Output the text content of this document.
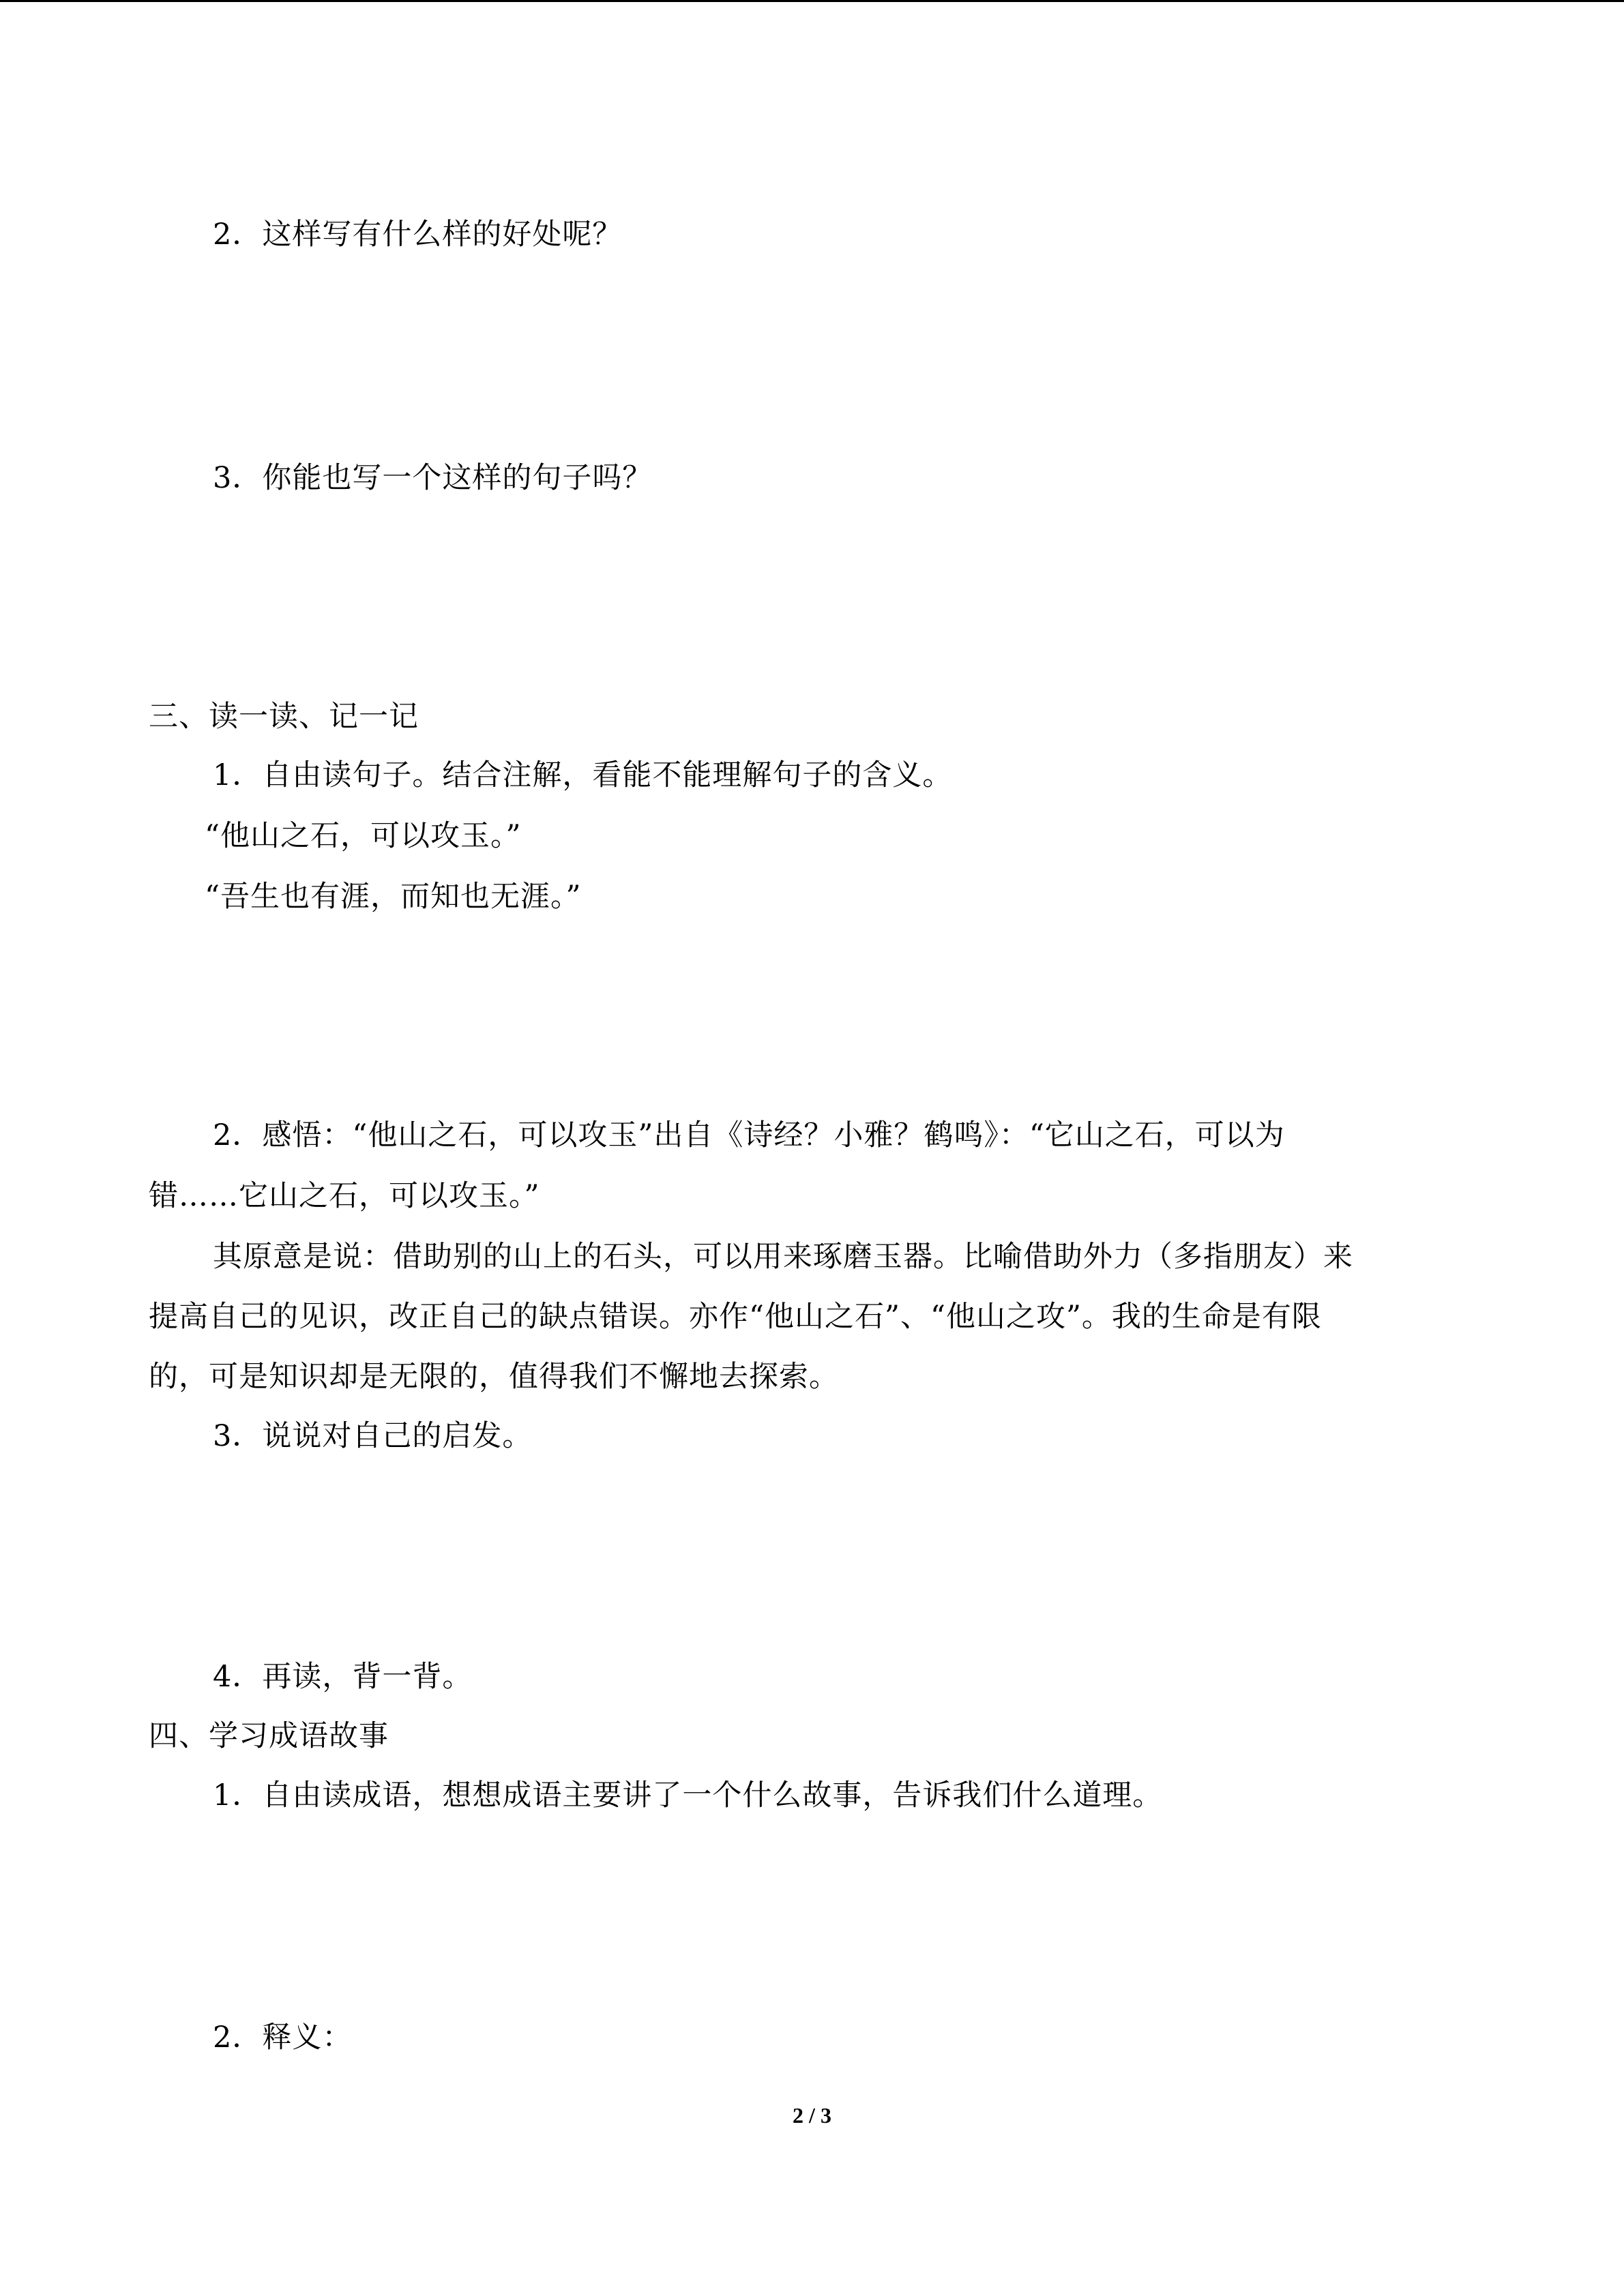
2．这样写有什么样的好处呢？
3．你能也写一个这样的句子吗？
三、读一读、记一记
1．自由读句子。结合注解，看能不能理解句子的含义。
“他山之石，可以攻玉。”
“吾生也有涯，而知也无涯。”
2．感悟：“他山之石，可以攻玉”出自《诗经？小雅？鹤鸣》：“它山之石，可以为
错……它山之石，可以攻玉。”
其原意是说：借助别的山上的石头，可以用来琢磨玉器。比喻借助外力（多指朋友）来
提高自己的见识，改正自己的缺点错误。亦作“他山之石”、“他山之攻”。我的生命是有限
的，可是知识却是无限的，值得我们不懈地去探索。
3．说说对自己的启发。
4．再读，背一背。
四、学习成语故事
1．自由读成语，想想成语主要讲了一个什么故事，告诉我们什么道理。
2．释义：
2 / 3
